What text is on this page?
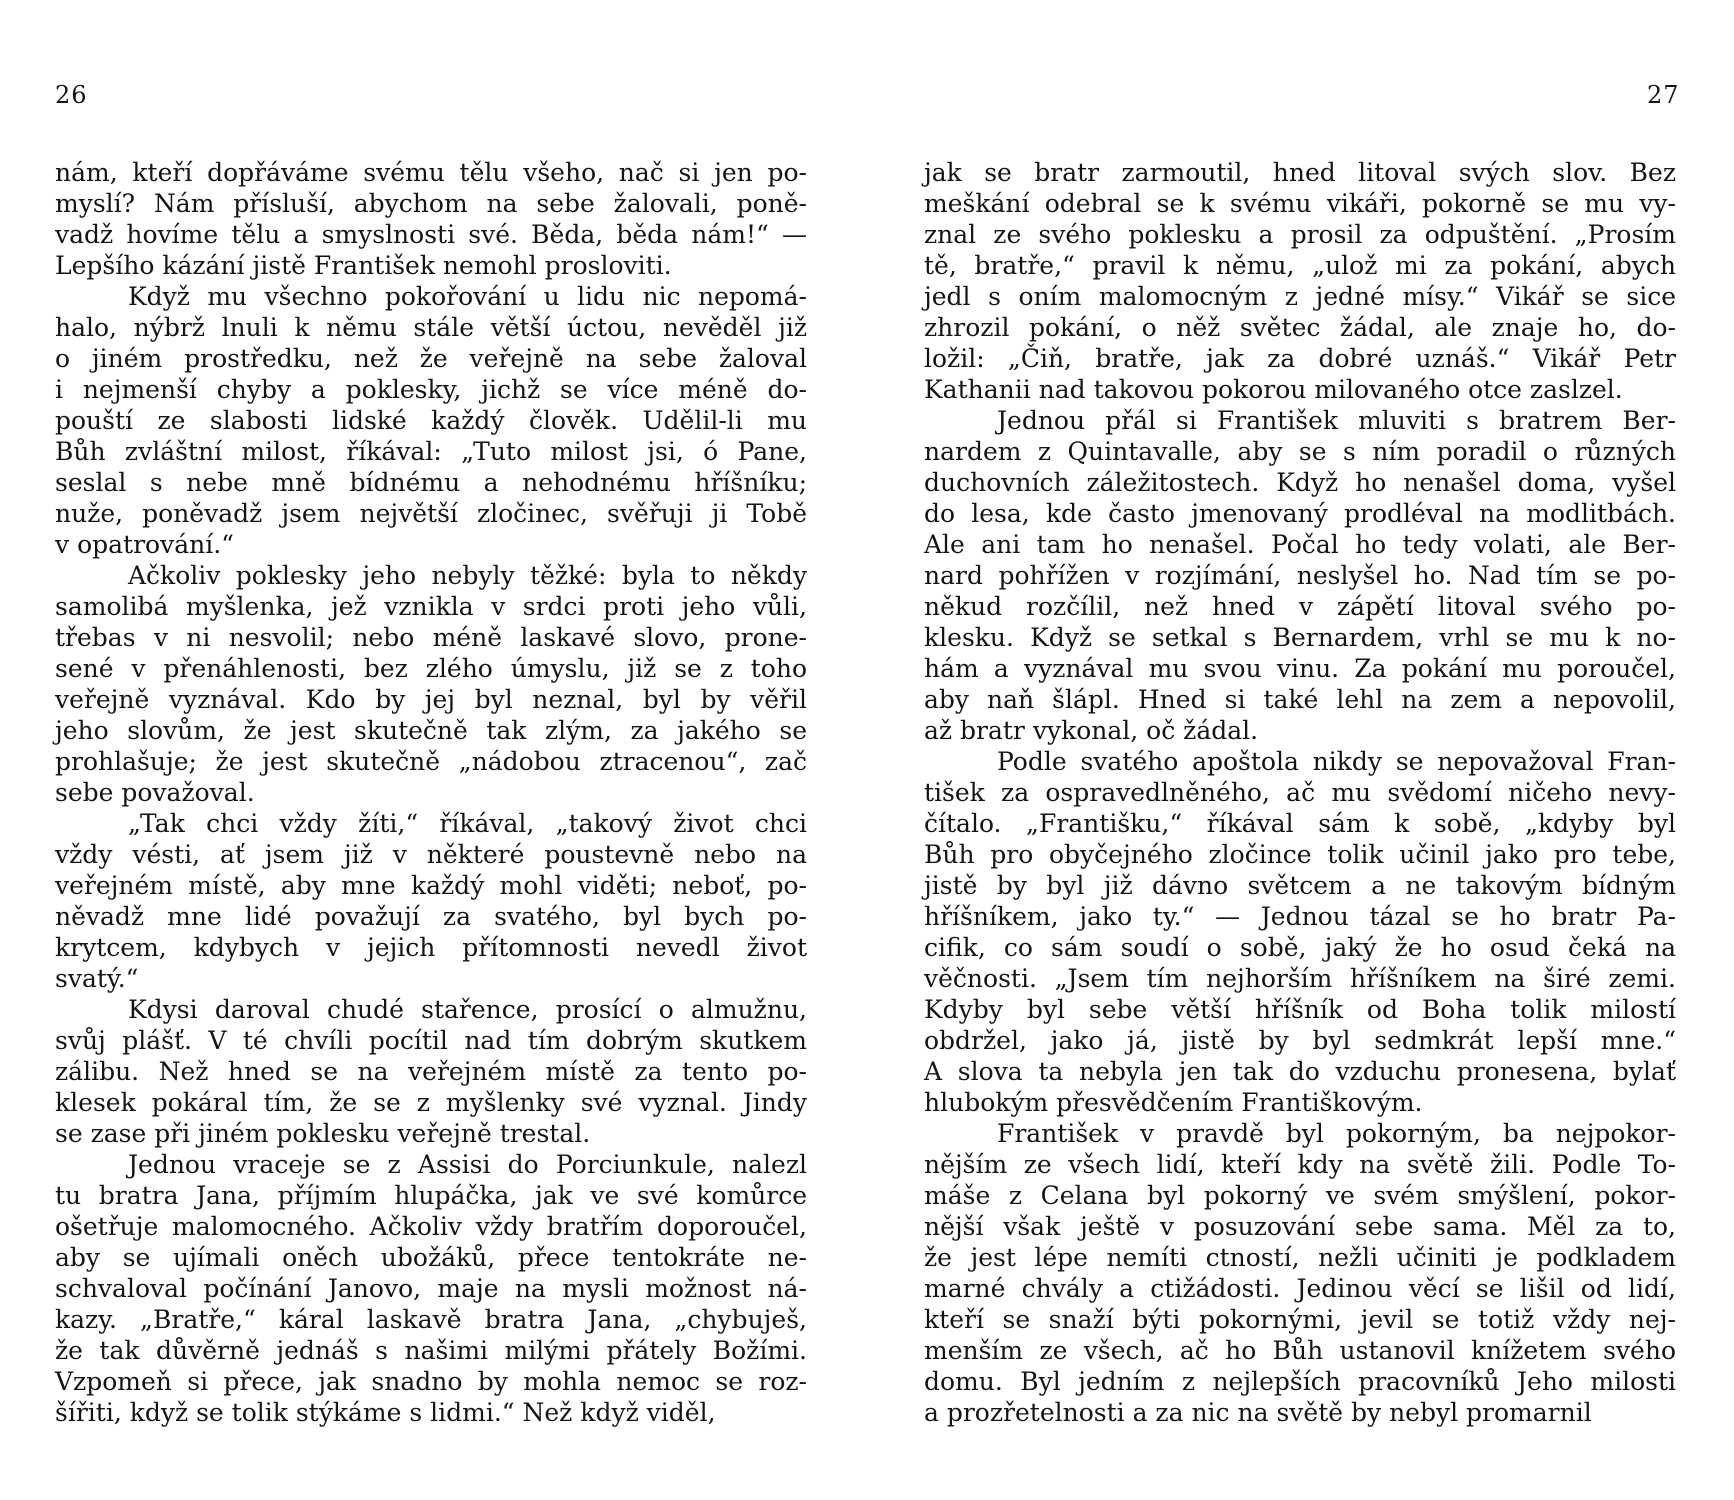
26
nám, kteří dopřáváme svému tělu všeho, nač si jen po-
myslí? Nám přísluší, abychom na sebe žalovali, poně-
vadž hovíme tělu a smyslnosti své. Běda, běda nám!“ —
Lepšího kázání jistě František nemohl prosloviti.
Když mu všechno pokořování u lidu nic nepomá-
halo, nýbrž lnuli k němu stále větší úctou, nevěděl již
o jiném prostředku, než že veřejně na sebe žaloval
i nejmenší chyby a poklesky, jichž se více méně do-
pouští ze slabosti lidské každý člověk. Udělil-li mu
Bůh zvláštní milost, říkával: „Tuto milost jsi, ó Pane,
seslal s nebe mně bídnému a nehodnému hříšníku;
nuže, poněvadž jsem největší zločinec, svěřuji ji Tobě
v opatrování.“
Ačkoliv poklesky jeho nebyly těžké: byla to někdy
samolibá myšlenka, jež vznikla v srdci proti jeho vůli,
třebas v ni nesvolil; nebo méně laskavé slovo, prone-
sené v přenáhlenosti, bez zlého úmyslu, již se z toho
veřejně vyznával. Kdo by jej byl neznal, byl by věřil
jeho slovům, že jest skutečně tak zlým, za jakého se
prohlašuje; že jest skutečně „nádobou ztracenou“, zač
sebe považoval.
„Tak chci vždy žíti,“ říkával, „takový život chci
vždy vésti, ať jsem již v některé poustevně nebo na
veřejném místě, aby mne každý mohl viděti; neboť, po-
něvadž mne lidé považují za svatého, byl bych po-
krytcem, kdybych v jejich přítomnosti nevedl život
svatý.“
Kdysi daroval chudé stařence, prosící o almužnu,
svůj plášť. V té chvíli pocítil nad tím dobrým skutkem
zálibu. Než hned se na veřejném místě za tento po-
klesek pokáral tím, že se z myšlenky své vyznal. Jindy
se zase při jiném poklesku veřejně trestal.
Jednou vraceje se z Assisi do Porciunkule, nalezl
tu bratra Jana, příjmím hlupáčka, jak ve své komůrce
ošetřuje malomocného. Ačkoliv vždy bratřím doporoučel,
aby se ujímali oněch ubožáků, přece tentokráte ne-
schvaloval počínání Janovo, maje na mysli možnost ná-
kazy. „Bratře,“ káral laskavě bratra Jana, „chybuješ,
že tak důvěrně jednáš s našimi milými přátely Božími.
Vzpomeň si přece, jak snadno by mohla nemoc se roz-
šířiti, když se tolik stýkáme s lidmi.“ Než když viděl,
27
jak se bratr zarmoutil, hned litoval svých slov. Bez
meškání odebral se k svému vikáři, pokorně se mu vy-
znal ze svého poklesku a prosil za odpuštění. „Prosím
tě, bratře,“ pravil k němu, „ulož mi za pokání, abych
jedl s oním malomocným z jedné mísy.“ Vikář se sice
zhrozil pokání, o něž světec žádal, ale znaje ho, do-
ložil: „Čiň, bratře, jak za dobré uznáš.“ Vikář Petr
Kathanii nad takovou pokorou milovaného otce zaslzel.
Jednou přál si František mluviti s bratrem Ber-
nardem z Quintavalle, aby se s ním poradil o různých
duchovních záležitostech. Když ho nenašel doma, vyšel
do lesa, kde často jmenovaný prodléval na modlitbách.
Ale ani tam ho nenašel. Počal ho tedy volati, ale Ber-
nard pohřížen v rozjímání, neslyšel ho. Nad tím se po-
někud rozčílil, než hned v zápětí litoval svého po-
klesku. Když se setkal s Bernardem, vrhl se mu k no-
hám a vyznával mu svou vinu. Za pokání mu poroučel,
aby naň šlápl. Hned si také lehl na zem a nepovolil,
až bratr vykonal, oč žádal.
Podle svatého apoštola nikdy se nepovažoval Fran-
tišek za ospravedlněného, ač mu svědomí ničeho nevy-
čítalo. „Františku,“ říkával sám k sobě, „kdyby byl
Bůh pro obyčejného zločince tolik učinil jako pro tebe,
jistě by byl již dávno světcem a ne takovým bídným
hříšníkem, jako ty.“ — Jednou tázal se ho bratr Pa-
cifik, co sám soudí o sobě, jaký že ho osud čeká na
věčnosti. „Jsem tím nejhorším hříšníkem na širé zemi.
Kdyby byl sebe větší hříšník od Boha tolik milostí
obdržel, jako já, jistě by byl sedmkrát lepší mne.“
A slova ta nebyla jen tak do vzduchu pronesena, bylať
hlubokým přesvědčením Františkovým.
František v pravdě byl pokorným, ba nejpokor-
nějším ze všech lidí, kteří kdy na světě žili. Podle To-
máše z Celana byl pokorný ve svém smýšlení, pokor-
nější však ještě v posuzování sebe sama. Měl za to,
že jest lépe nemíti ctností, nežli učiniti je podkladem
marné chvály a ctižádosti. Jedinou věcí se lišil od lidí,
kteří se snaží býti pokornými, jevil se totiž vždy nej-
menším ze všech, ač ho Bůh ustanovil knížetem svého
domu. Byl jedním z nejlepších pracovníků Jeho milosti
a prozřetelnosti a za nic na světě by nebyl promarnil
